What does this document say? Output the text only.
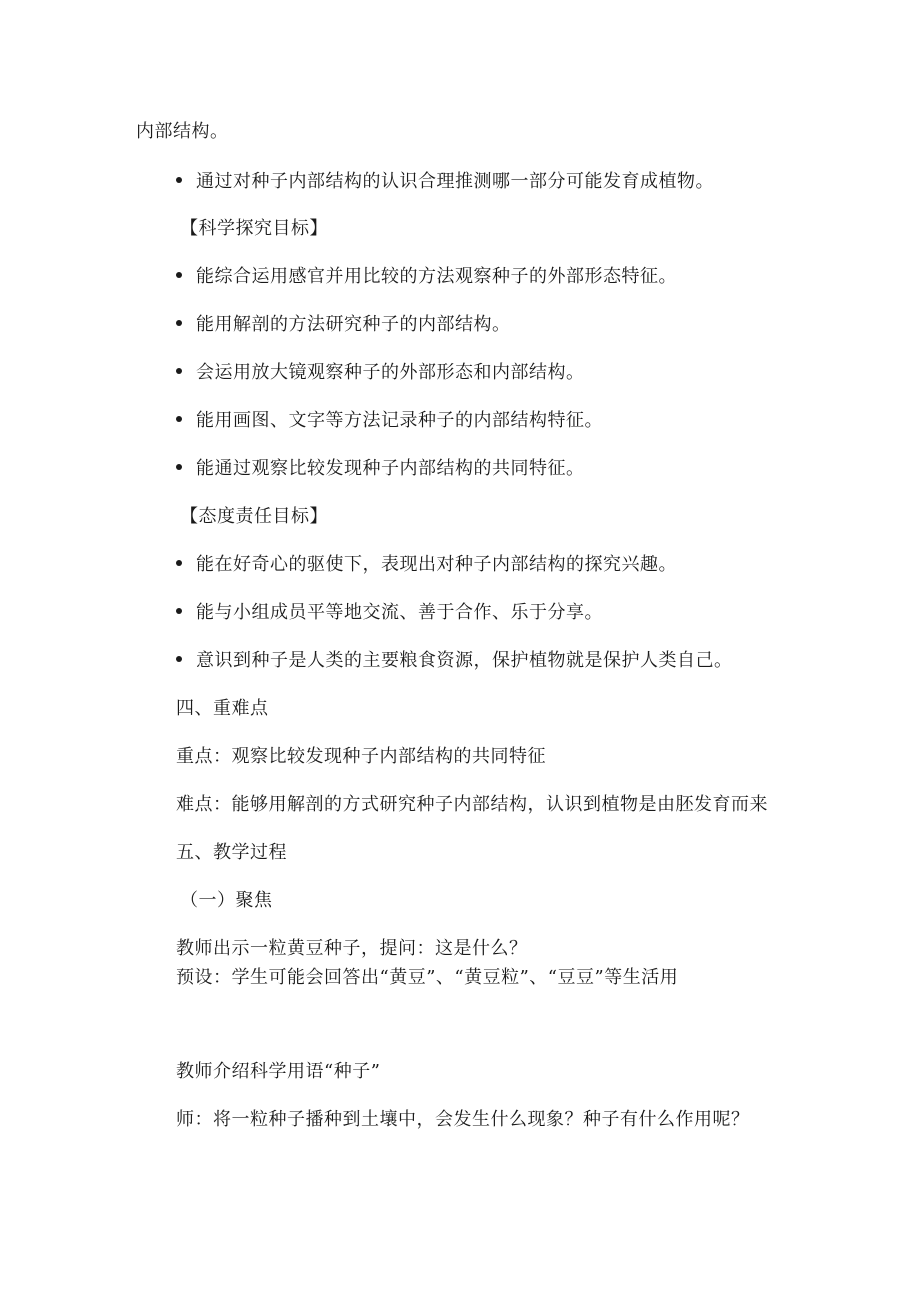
内部结构。
通过对种子内部结构的认识合理推测哪一部分可能发育成植物。
【科学探究目标】
能综合运用感官并用比较的方法观察种子的外部形态特征。
能用解剖的方法研究种子的内部结构。
会运用放大镜观察种子的外部形态和内部结构。
能用画图、文字等方法记录种子的内部结构特征。
能通过观察比较发现种子内部结构的共同特征。
【态度责任目标】
能在好奇心的驱使下，表现出对种子内部结构的探究兴趣。
能与小组成员平等地交流、善于合作、乐于分享。
意识到种子是人类的主要粮食资源，保护植物就是保护人类自己。
四、重难点
重点：观察比较发现种子内部结构的共同特征
难点：能够用解剖的方式研究种子内部结构，认识到植物是由胚发育而来
五、教学过程
（一）聚焦
教师出示一粒黄豆种子，提问：这是什么？
预设：学生可能会回答出“黄豆”、“黄豆粒”、“豆豆”等生活用
教师介绍科学用语“种子”
师：将一粒种子播种到土壤中，会发生什么现象？种子有什么作用呢？
